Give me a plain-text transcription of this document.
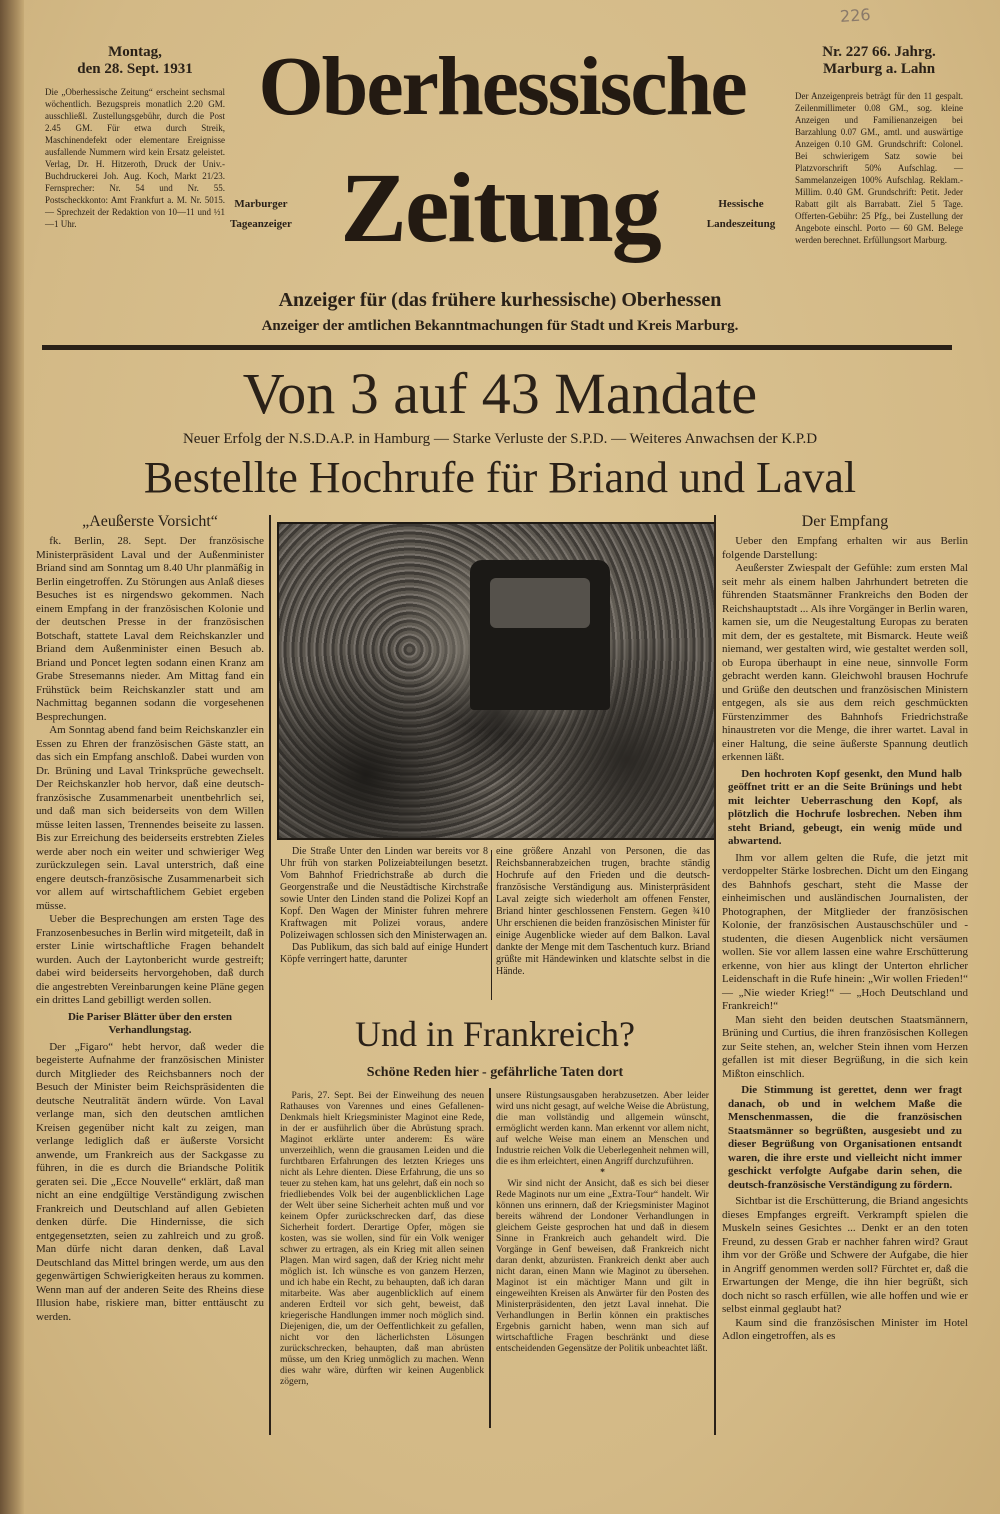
226
Montag,
den 28. Sept. 1931
Die „Oberhessische Zeitung“ erscheint sechsmal wöchentlich. Bezugspreis monatlich 2.20 GM. ausschließl. Zustellungsgebühr, durch die Post 2.45 GM. Für etwa durch Streik, Maschinendefekt oder elementare Ereignisse ausfallende Nummern wird kein Ersatz geleistet. Verlag, Dr. H. Hitzeroth, Druck der Univ.-Buchdruckerei Joh. Aug. Koch, Markt 21/23. Fernsprecher: Nr. 54 und Nr. 55. Postscheckkonto: Amt Frankfurt a. M. Nr. 5015. — Sprechzeit der Redaktion von 10—11 und ½1—1 Uhr.
Nr. 227 66. Jahrg.
Marburg a. Lahn
Der Anzeigenpreis beträgt für den 11 gespalt. Zeilenmillimeter 0.08 GM., sog. kleine Anzeigen und Familienanzeigen bei Barzahlung 0.07 GM., amtl. und auswärtige Anzeigen 0.10 GM. Grundschrift: Colonel. Bei schwierigem Satz sowie bei Platzvorschrift 50% Aufschlag. — Sammelanzeigen 100% Aufschlag. Reklam.-Millim. 0.40 GM. Grundschrift: Petit. Jeder Rabatt gilt als Barrabatt. Ziel 5 Tage. Offerten-Gebühr: 25 Pfg., bei Zustellung der Angebote einschl. Porto — 60 GM. Belege werden berechnet. Erfüllungsort Marburg.
Oberhessische
Zeitung
Marburger
Tageanzeiger
Hessische
Landeszeitung
Anzeiger für (das frühere kurhessische) Oberhessen
Anzeiger der amtlichen Bekanntmachungen für Stadt und Kreis Marburg.
Von 3 auf 43 Mandate
Neuer Erfolg der N.S.D.A.P. in Hamburg — Starke Verluste der S.P.D. — Weiteres Anwachsen der K.P.D
Bestellte Hochrufe für Briand und Laval
„Aeußerste Vorsicht“

fk. Berlin, 28. Sept. Der französische Ministerpräsident Laval und der Außenminister Briand sind am Sonntag um 8.40 Uhr planmäßig in Berlin eingetroffen. Zu Störungen aus Anlaß dieses Besuches ist es nirgendswo gekommen. Nach einem Empfang in der französischen Kolonie und der deutschen Presse in der französischen Botschaft, stattete Laval dem Reichskanzler und Briand dem Außenminister einen Besuch ab. Briand und Poncet legten sodann einen Kranz am Grabe Stresemanns nieder. Am Mittag fand ein Frühstück beim Reichskanzler statt und am Nachmittag begannen sodann die vorgesehenen Besprechungen.

Am Sonntag abend fand beim Reichskanzler ein Essen zu Ehren der französischen Gäste statt, an das sich ein Empfang anschloß. Dabei wurden von Dr. Brüning und Laval Trinksprüche gewechselt. Der Reichskanzler hob hervor, daß eine deutsch-französische Zusammenarbeit unentbehrlich sei, und daß man sich beiderseits von dem Willen müsse leiten lassen, Trennendes beiseite zu lassen. Bis zur Erreichung des beiderseits erstrebten Zieles werde aber noch ein weiter und schwieriger Weg zurückzulegen sein. Laval unterstrich, daß eine engere deutsch-französische Zusammenarbeit sich vor allem auf wirtschaftlichem Gebiet ergeben müsse.

Ueber die Besprechungen am ersten Tage des Franzosenbesuches in Berlin wird mitgeteilt, daß in erster Linie wirtschaftliche Fragen behandelt wurden. Auch der Laytonbericht wurde gestreift; dabei wird beiderseits hervorgehoben, daß durch die angestrebten Vereinbarungen keine Pläne gegen ein drittes Land gebilligt werden sollen.

Die Pariser Blätter über den ersten Verhandlungstag.

Der „Figaro“ hebt hervor, daß weder die begeisterte Aufnahme der französischen Minister durch Mitglieder des Reichsbanners noch der Besuch der Minister beim Reichspräsidenten die deutsche Neutralität ändern würde. Von Laval verlange man, sich den deutschen amtlichen Kreisen gegenüber nicht kalt zu zeigen, man verlange lediglich daß er äußerste Vorsicht anwende, um Frankreich aus der Sackgasse zu führen, in die es durch die Briandsche Politik geraten sei. Die „Ecce Nouvelle“ erklärt, daß man nicht an eine endgültige Verständigung zwischen Frankreich und Deutschland auf allen Gebieten denken dürfe. Die Hindernisse, die sich entgegensetzten, seien zu zahlreich und zu groß. Man dürfe nicht daran denken, daß Laval Deutschland das Mittel bringen werde, um aus den gegenwärtigen Schwierigkeiten heraus zu kommen. Wenn man auf der anderen Seite des Rheins diese Illusion habe, riskiere man, bitter enttäuscht zu werden.

Die Straße Unter den Linden war bereits vor 8 Uhr früh von starken Polizeiabteilungen besetzt. Vom Bahnhof Friedrichstraße ab durch die Georgenstraße und die Neustädtische Kirchstraße sowie Unter den Linden stand die Polizei Kopf an Kopf. Den Wagen der Minister fuhren mehrere Kraftwagen mit Polizei voraus, andere Polizeiwagen schlossen sich den Ministerwagen an.

Das Publikum, das sich bald auf einige Hundert Köpfe verringert hatte, darunter

eine größere Anzahl von Personen, die das Reichsbannerabzeichen trugen, brachte ständig Hochrufe auf den Frieden und die deutsch-französische Verständigung aus. Ministerpräsident Laval zeigte sich wiederholt am offenen Fenster, Briand hinter geschlossenen Fenstern. Gegen ¾10 Uhr erschienen die beiden französischen Minister für einige Augenblicke wieder auf dem Balkon. Laval dankte der Menge mit dem Taschentuch kurz. Briand grüßte mit Händewinken und klatschte selbst in die Hände.

Und in Frankreich?
Schöne Reden hier - gefährliche Taten dort

Paris, 27. Sept. Bei der Einweihung des neuen Rathauses von Varennes und eines Gefallenen-Denkmals hielt Kriegsminister Maginot eine Rede, in der er ausführlich über die Abrüstung sprach. Maginot erklärte unter anderem: Es wäre unverzeihlich, wenn die grausamen Leiden und die furchtbaren Erfahrungen des letzten Krieges uns nicht als Lehre dienten. Diese Erfahrung, die uns so teuer zu stehen kam, hat uns gelehrt, daß ein noch so friedliebendes Volk bei der augenblicklichen Lage der Welt über seine Sicherheit achten muß und vor keinem Opfer zurückschrecken darf, das diese Sicherheit fordert. Derartige Opfer, mögen sie kosten, was sie wollen, sind für ein Volk weniger schwer zu ertragen, als ein Krieg mit allen seinen Plagen. Man wird sagen, daß der Krieg nicht mehr möglich ist. Ich wünsche es von ganzem Herzen, und ich habe ein Recht, zu behaupten, daß ich daran mitarbeite. Was aber augenblicklich auf einem anderen Erdteil vor sich geht, beweist, daß kriegerische Handlungen immer noch möglich sind. Diejenigen, die, um der Oeffentlichkeit zu gefallen, nicht vor den lächerlichsten Lösungen zurückschrecken, behaupten, daß man abrüsten müsse, um den Krieg unmöglich zu machen. Wenn dies wahr wäre, dürften wir keinen Augenblick zögern,

unsere Rüstungsausgaben herabzusetzen. Aber leider wird uns nicht gesagt, auf welche Weise die Abrüstung, die man vollständig und allgemein wünscht, ermöglicht werden kann. Man erkennt vor allem nicht, auf welche Weise man einem an Menschen und Industrie reichen Volk die Ueberlegenheit nehmen will, die es ihm erleichtert, einen Angriff durchzuführen.

*

Wir sind nicht der Ansicht, daß es sich bei dieser Rede Maginots nur um eine „Extra-Tour“ handelt. Wir können uns erinnern, daß der Kriegsminister Maginot bereits während der Londoner Verhandlungen in gleichem Geiste gesprochen hat und daß in diesem Sinne in Frankreich auch gehandelt wird. Die Vorgänge in Genf beweisen, daß Frankreich nicht daran denkt, abzurüsten. Frankreich denkt aber auch nicht daran, einen Mann wie Maginot zu übersehen. Maginot ist ein mächtiger Mann und gilt in eingeweihten Kreisen als Anwärter für den Posten des Ministerpräsidenten, den jetzt Laval innehat. Die Verhandlungen in Berlin können ein praktisches Ergebnis garnicht haben, wenn man sich auf wirtschaftliche Fragen beschränkt und diese entscheidenden Gegensätze der Politik unbeachtet läßt.

Der Empfang

Ueber den Empfang erhalten wir aus Berlin folgende Darstellung:

Aeußerster Zwiespalt der Gefühle: zum ersten Mal seit mehr als einem halben Jahrhundert betreten die führenden Staatsmänner Frankreichs den Boden der Reichshauptstadt ... Als ihre Vorgänger in Berlin waren, kamen sie, um die Neugestaltung Europas zu beraten mit dem, der es gestaltete, mit Bismarck. Heute weiß niemand, wer gestalten wird, wie gestaltet werden soll, ob Europa überhaupt in eine neue, sinnvolle Form gebracht werden kann. Gleichwohl brausen Hochrufe und Grüße den deutschen und französischen Ministern entgegen, als sie aus dem reich geschmückten Fürstenzimmer des Bahnhofs Friedrichstraße hinaustreten vor die Menge, die ihrer wartet. Laval in einer Haltung, die seine äußerste Spannung deutlich erkennen läßt.

Den hochroten Kopf gesenkt, den Mund halb geöffnet tritt er an die Seite Brünings und hebt mit leichter Ueberraschung den Kopf, als plötzlich die Hochrufe losbrechen. Neben ihm steht Briand, gebeugt, ein wenig müde und abwartend.

Ihm vor allem gelten die Rufe, die jetzt mit verdoppelter Stärke losbrechen. Dicht um den Eingang des Bahnhofs geschart, steht die Masse der einheimischen und ausländischen Journalisten, der Photographen, der Mitglieder der französischen Kolonie, der französischen Austauschschüler und -studenten, die diesen Augenblick nicht versäumen wollen. Sie vor allem lassen eine wahre Erschütterung erkenne, von hier aus klingt der Unterton ehrlicher Leidenschaft in die Rufe hinein: „Wir wollen Frieden!“ — „Nie wieder Krieg!“ — „Hoch Deutschland und Frankreich!“

Man sieht den beiden deutschen Staatsmännern, Brüning und Curtius, die ihren französischen Kollegen zur Seite stehen, an, welcher Stein ihnen vom Herzen gefallen ist mit dieser Begrüßung, in die sich kein Mißton einschlich.

Die Stimmung ist gerettet, denn wer fragt danach, ob und in welchem Maße die Menschenmassen, die die französischen Staatsmänner so begrüßten, ausgesiebt und zu dieser Begrüßung von Organisationen entsandt waren, die ihre erste und vielleicht nicht immer geschickt verfolgte Aufgabe darin sehen, die deutsch-französische Verständigung zu fördern.

Sichtbar ist die Erschütterung, die Briand angesichts dieses Empfanges ergreift. Verkrampft spielen die Muskeln seines Gesichtes ... Denkt er an den toten Freund, zu dessen Grab er nachher fahren wird? Graut ihm vor der Größe und Schwere der Aufgabe, die hier in Angriff genommen werden soll? Fürchtet er, daß die Erwartungen der Menge, die ihn hier begrüßt, sich doch nicht so rasch erfüllen, wie alle hoffen und wie er selbst einmal geglaubt hat?

Kaum sind die französischen Minister im Hotel Adlon eingetroffen, als es
